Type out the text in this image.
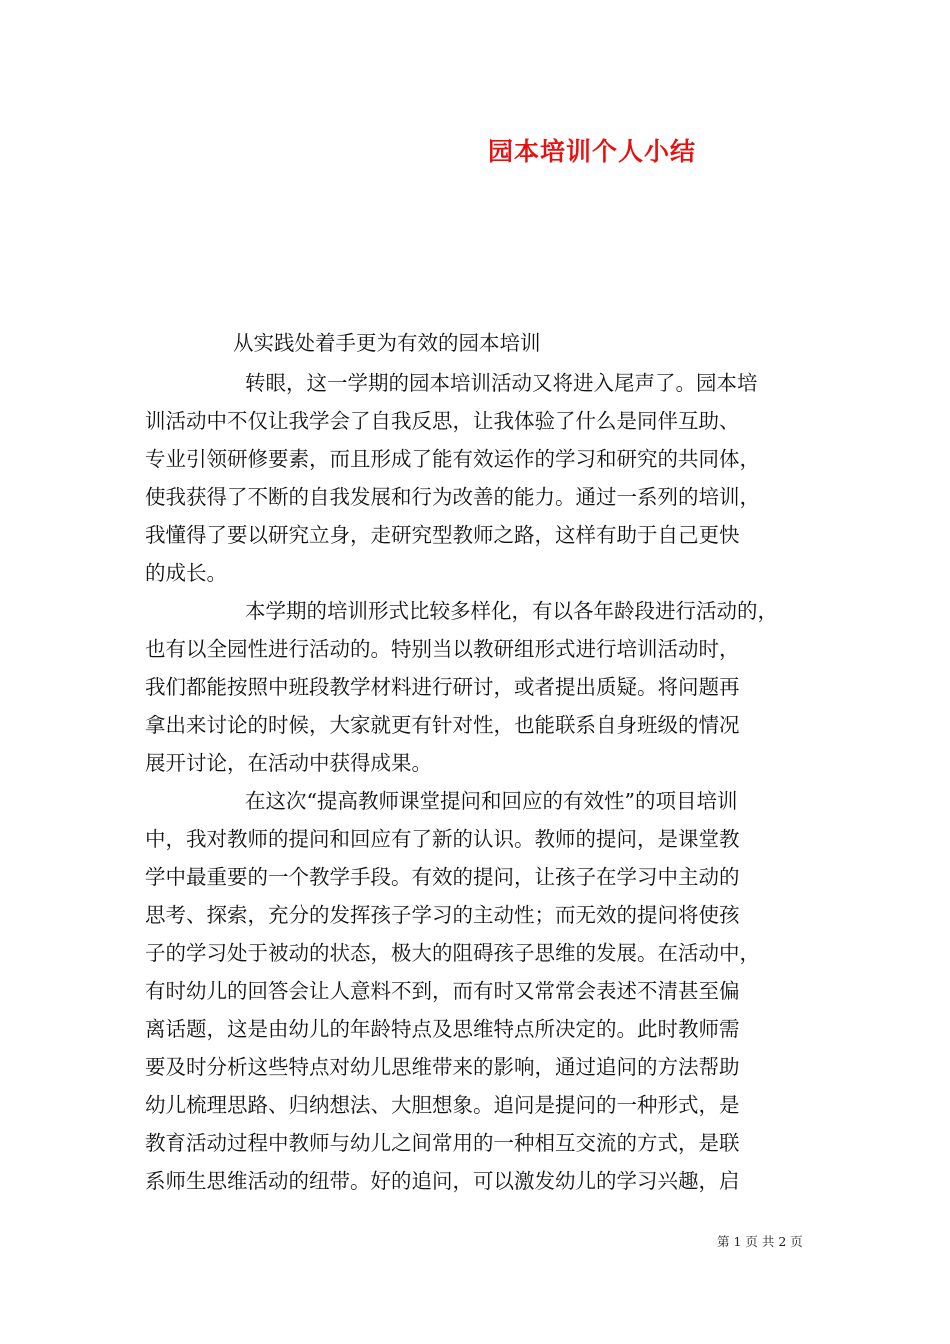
园本培训个人小结
从实践处着手更为有效的园本培训
转眼，这一学期的园本培训活动又将进入尾声了。园本培
训活动中不仅让我学会了自我反思，让我体验了什么是同伴互助、
专业引领研修要素，而且形成了能有效运作的学习和研究的共同体，
使我获得了不断的自我发展和行为改善的能力。通过一系列的培训，
我懂得了要以研究立身，走研究型教师之路，这样有助于自己更快
的成长。
本学期的培训形式比较多样化，有以各年龄段进行活动的，
也有以全园性进行活动的。特别当以教研组形式进行培训活动时，
我们都能按照中班段教学材料进行研讨，或者提出质疑。将问题再
拿出来讨论的时候，大家就更有针对性，也能联系自身班级的情况
展开讨论，在活动中获得成果。
在这次“提高教师课堂提问和回应的有效性”的项目培训
中，我对教师的提问和回应有了新的认识。教师的提问，是课堂教
学中最重要的一个教学手段。有效的提问，让孩子在学习中主动的
思考、探索，充分的发挥孩子学习的主动性；而无效的提问将使孩
子的学习处于被动的状态，极大的阻碍孩子思维的发展。在活动中，
有时幼儿的回答会让人意料不到，而有时又常常会表述不清甚至偏
离话题，这是由幼儿的年龄特点及思维特点所决定的。此时教师需
要及时分析这些特点对幼儿思维带来的影响，通过追问的方法帮助
幼儿梳理思路、归纳想法、大胆想象。追问是提问的一种形式，是
教育活动过程中教师与幼儿之间常用的一种相互交流的方式，是联
系师生思维活动的纽带。好的追问，可以激发幼儿的学习兴趣，启
第 1 页 共 2 页
